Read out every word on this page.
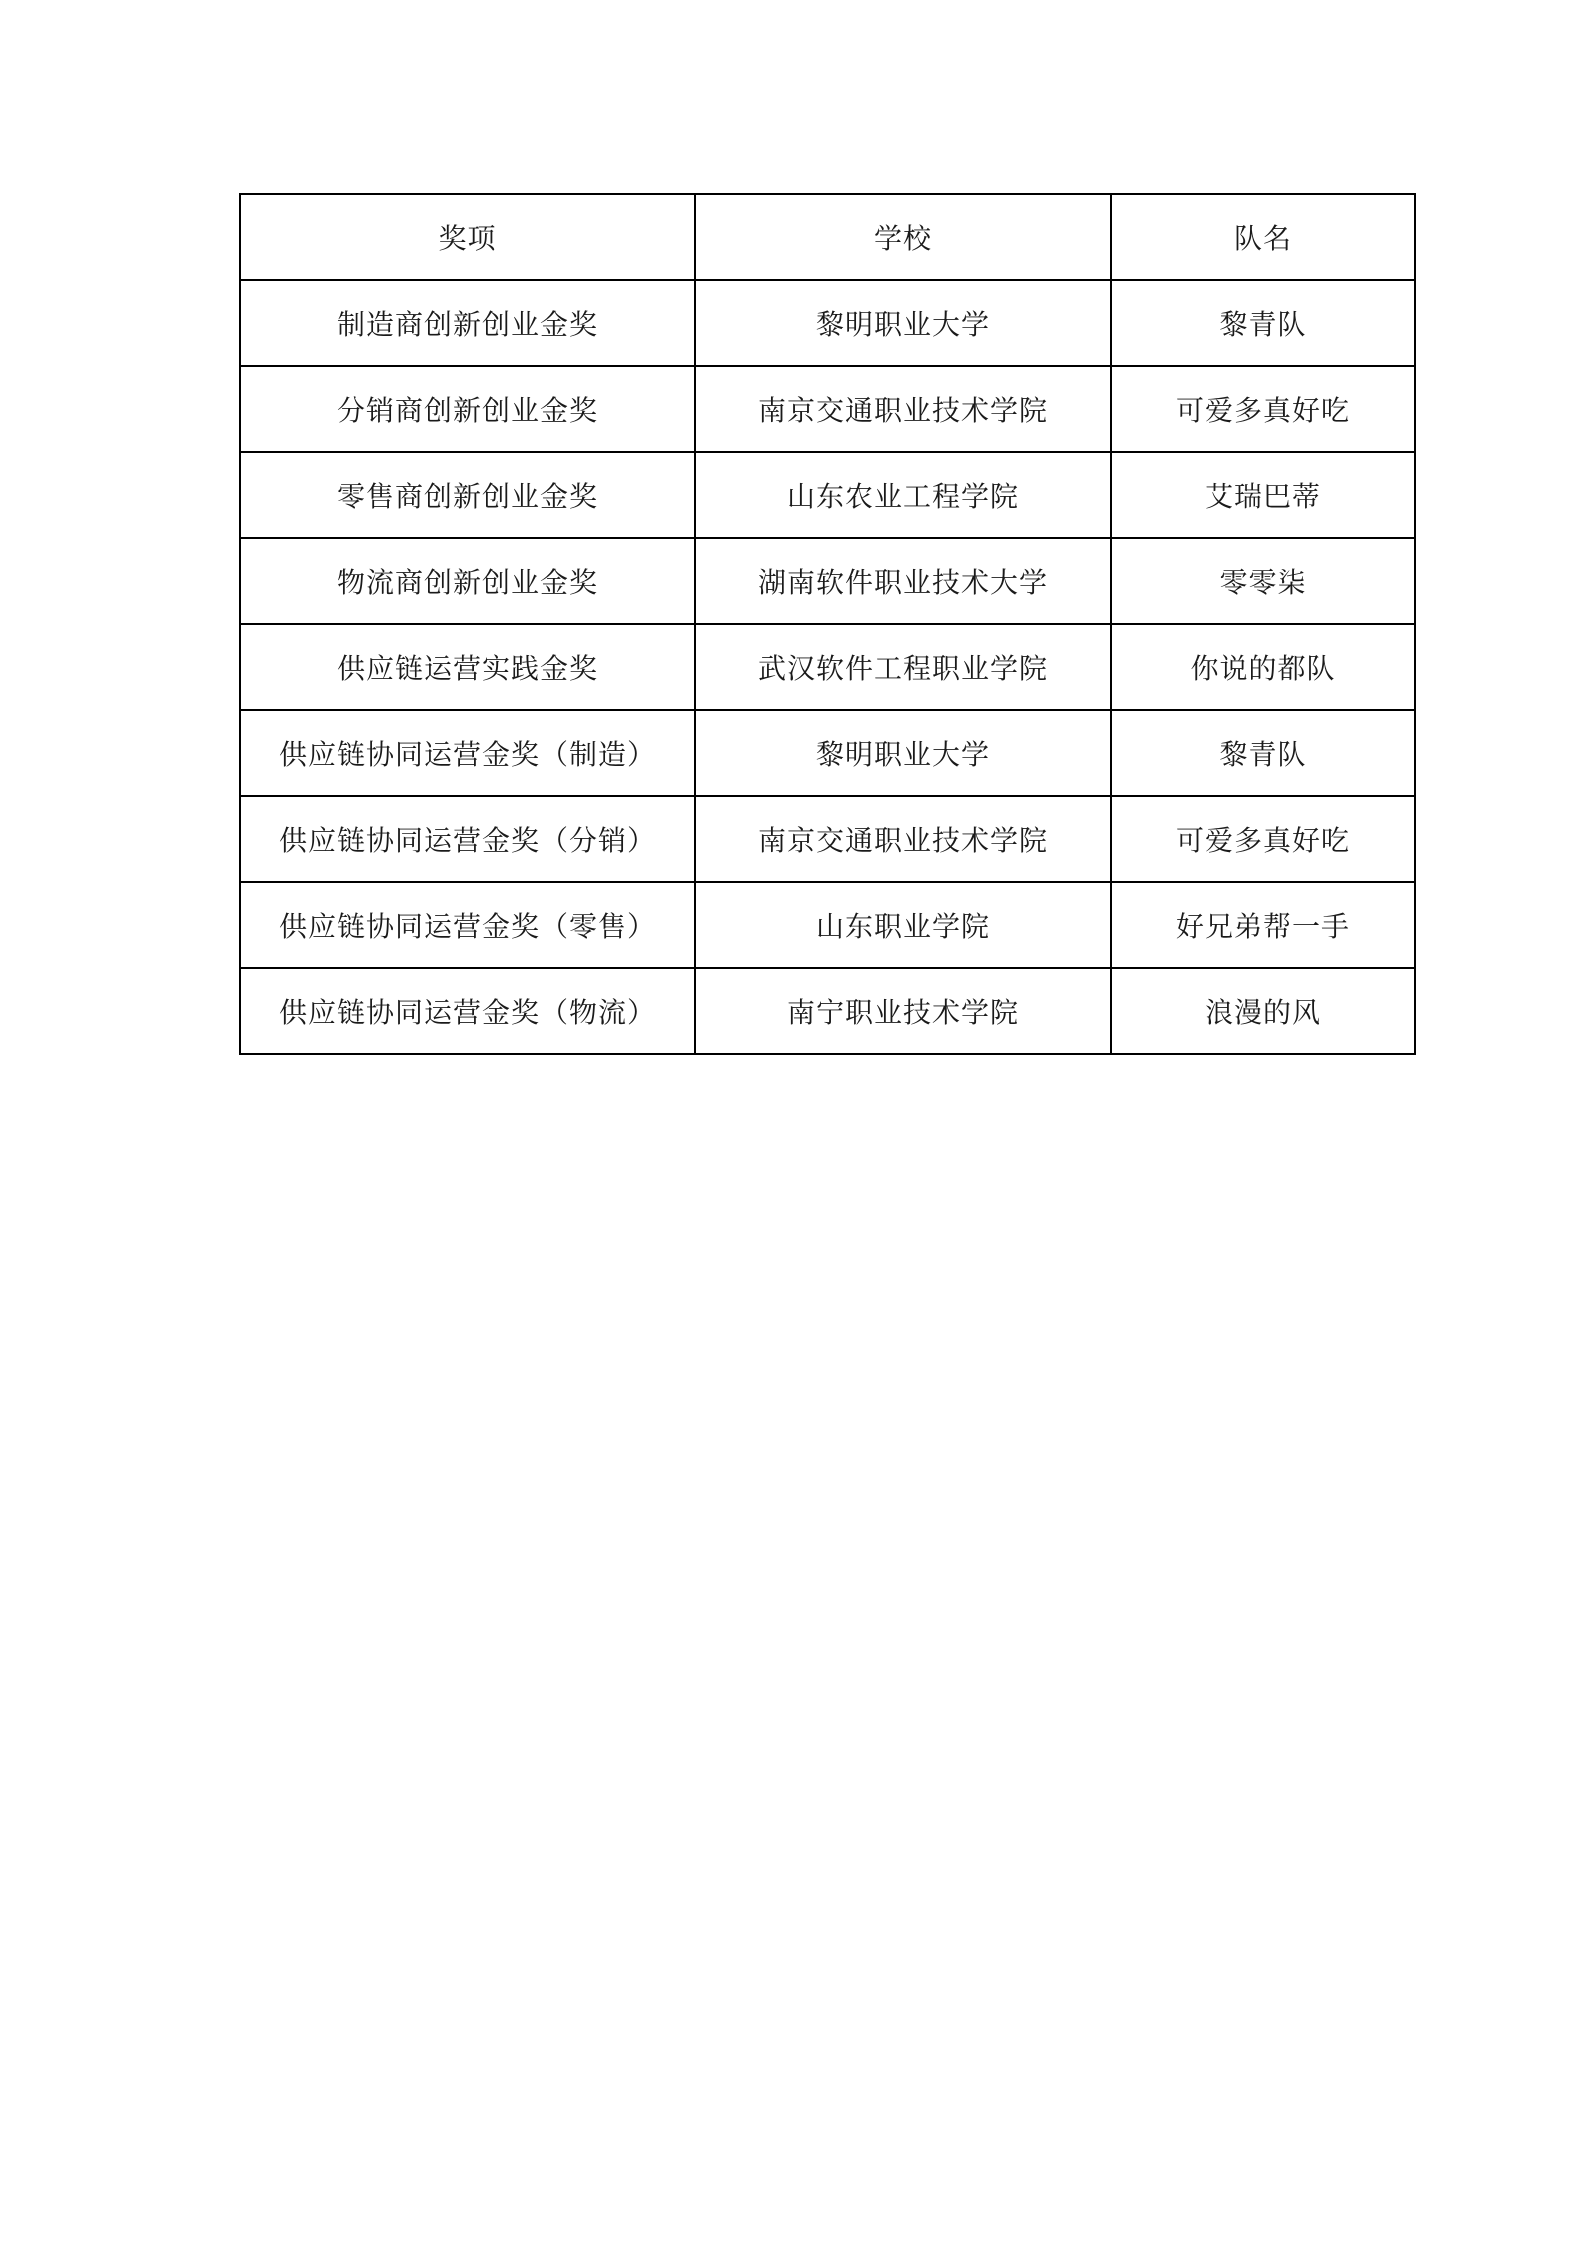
奖项	学校	队名
制造商创新创业金奖	黎明职业大学	黎青队
分销商创新创业金奖	南京交通职业技术学院	可爱多真好吃
零售商创新创业金奖	山东农业工程学院	艾瑞巴蒂
物流商创新创业金奖	湖南软件职业技术大学	零零柒
供应链运营实践金奖	武汉软件工程职业学院	你说的都队
供应链协同运营金奖（制造）	黎明职业大学	黎青队
供应链协同运营金奖（分销）	南京交通职业技术学院	可爱多真好吃
供应链协同运营金奖（零售）	山东职业学院	好兄弟帮一手
供应链协同运营金奖（物流）	南宁职业技术学院	浪漫的风
